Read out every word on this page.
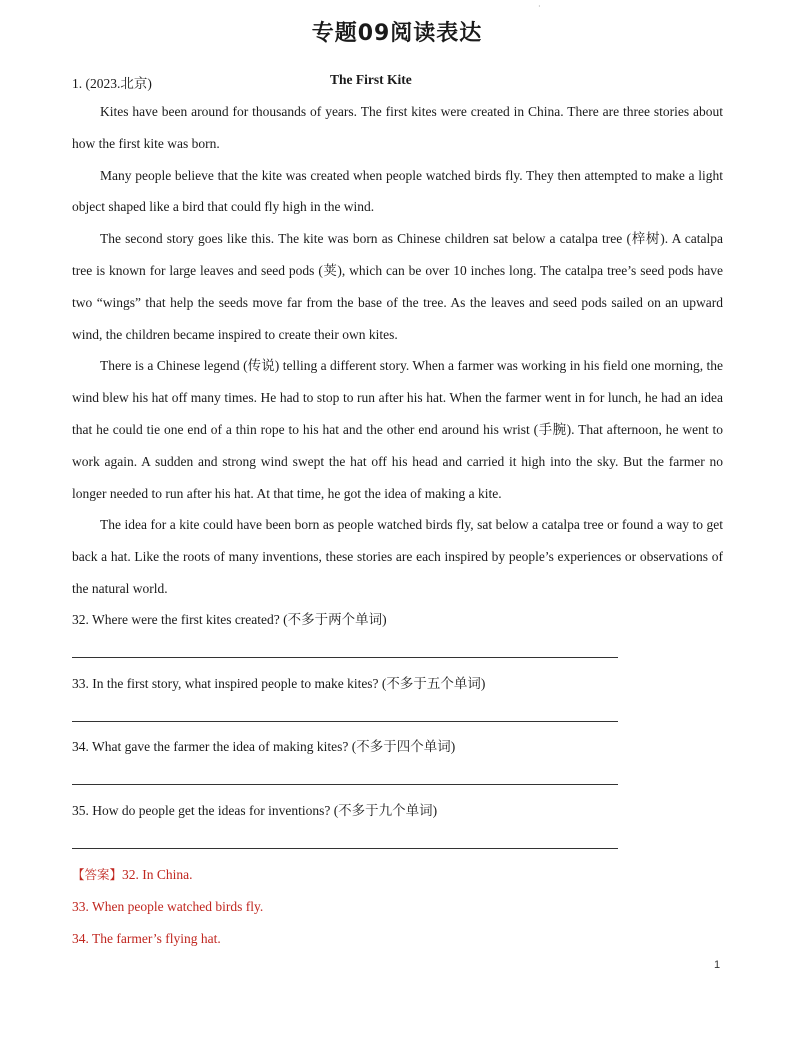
·
专题09阅读表达
1. (2023.北京)	The First Kite

Kites have been around for thousands of years. The first kites were created in China. There are three stories about how the first kite was born.

Many people believe that the kite was created when people watched birds fly. They then attempted to make a light object shaped like a bird that could fly high in the wind.

The second story goes like this. The kite was born as Chinese children sat below a catalpa tree (梓树). A catalpa tree is known for large leaves and seed pods (荚), which can be over 10 inches long. The catalpa tree’s seed pods have two “wings” that help the seeds move far from the base of the tree. As the leaves and seed pods sailed on an upward wind, the children became inspired to create their own kites.

There is a Chinese legend (传说) telling a different story. When a farmer was working in his field one morning, the wind blew his hat off many times. He had to stop to run after his hat. When the farmer went in for lunch, he had an idea that he could tie one end of a thin rope to his hat and the other end around his wrist (手腕). That afternoon, he went to work again. A sudden and strong wind swept the hat off his head and carried it high into the sky. But the farmer no longer needed to run after his hat. At that time, he got the idea of making a kite.

The idea for a kite could have been born as people watched birds fly, sat below a catalpa tree or found a way to get back a hat. Like the roots of many inventions, these stories are each inspired by people’s experiences or observations of the natural world.

32. Where were the first kites created? (不多于两个单词)
33. In the first story, what inspired people to make kites? (不多于五个单词)
34. What gave the farmer the idea of making kites? (不多于四个单词)
35. How do people get the ideas for inventions? (不多于九个单词)
【答案】32. In China.
33. When people watched birds fly.
34. The farmer’s flying hat.
1
